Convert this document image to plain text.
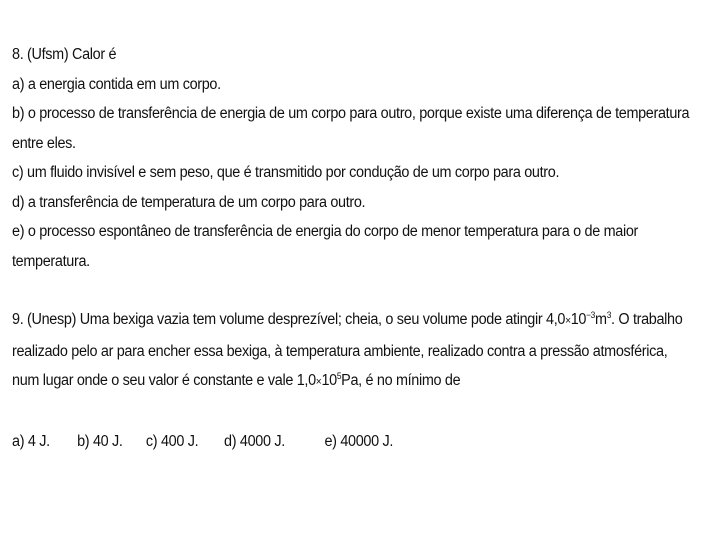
8. (Ufsm) Calor é
a) a energia contida em um corpo.
b) o processo de transferência de energia de um corpo para outro, porque existe uma diferença de temperatura
entre eles.
c) um fluido invisível e sem peso, que é transmitido por condução de um corpo para outro.
d) a transferência de temperatura de um corpo para outro.
e) o processo espontâneo de transferência de energia do corpo de menor temperatura para o de maior
temperatura.
9. (Unesp) Uma bexiga vazia tem volume desprezível; cheia, o seu volume pode atingir $4,0\times 10^{-3}m^3$. O trabalho
realizado pelo ar para encher essa bexiga, à temperatura ambiente, realizado contra a pressão atmosférica,
num lugar onde o seu valor é constante e vale $1,0\times 10^5Pa$, é no mínimo de
a) 4 J. b) 40 J. c) 400 J. d) 4000 J.	e) 40000 J.
